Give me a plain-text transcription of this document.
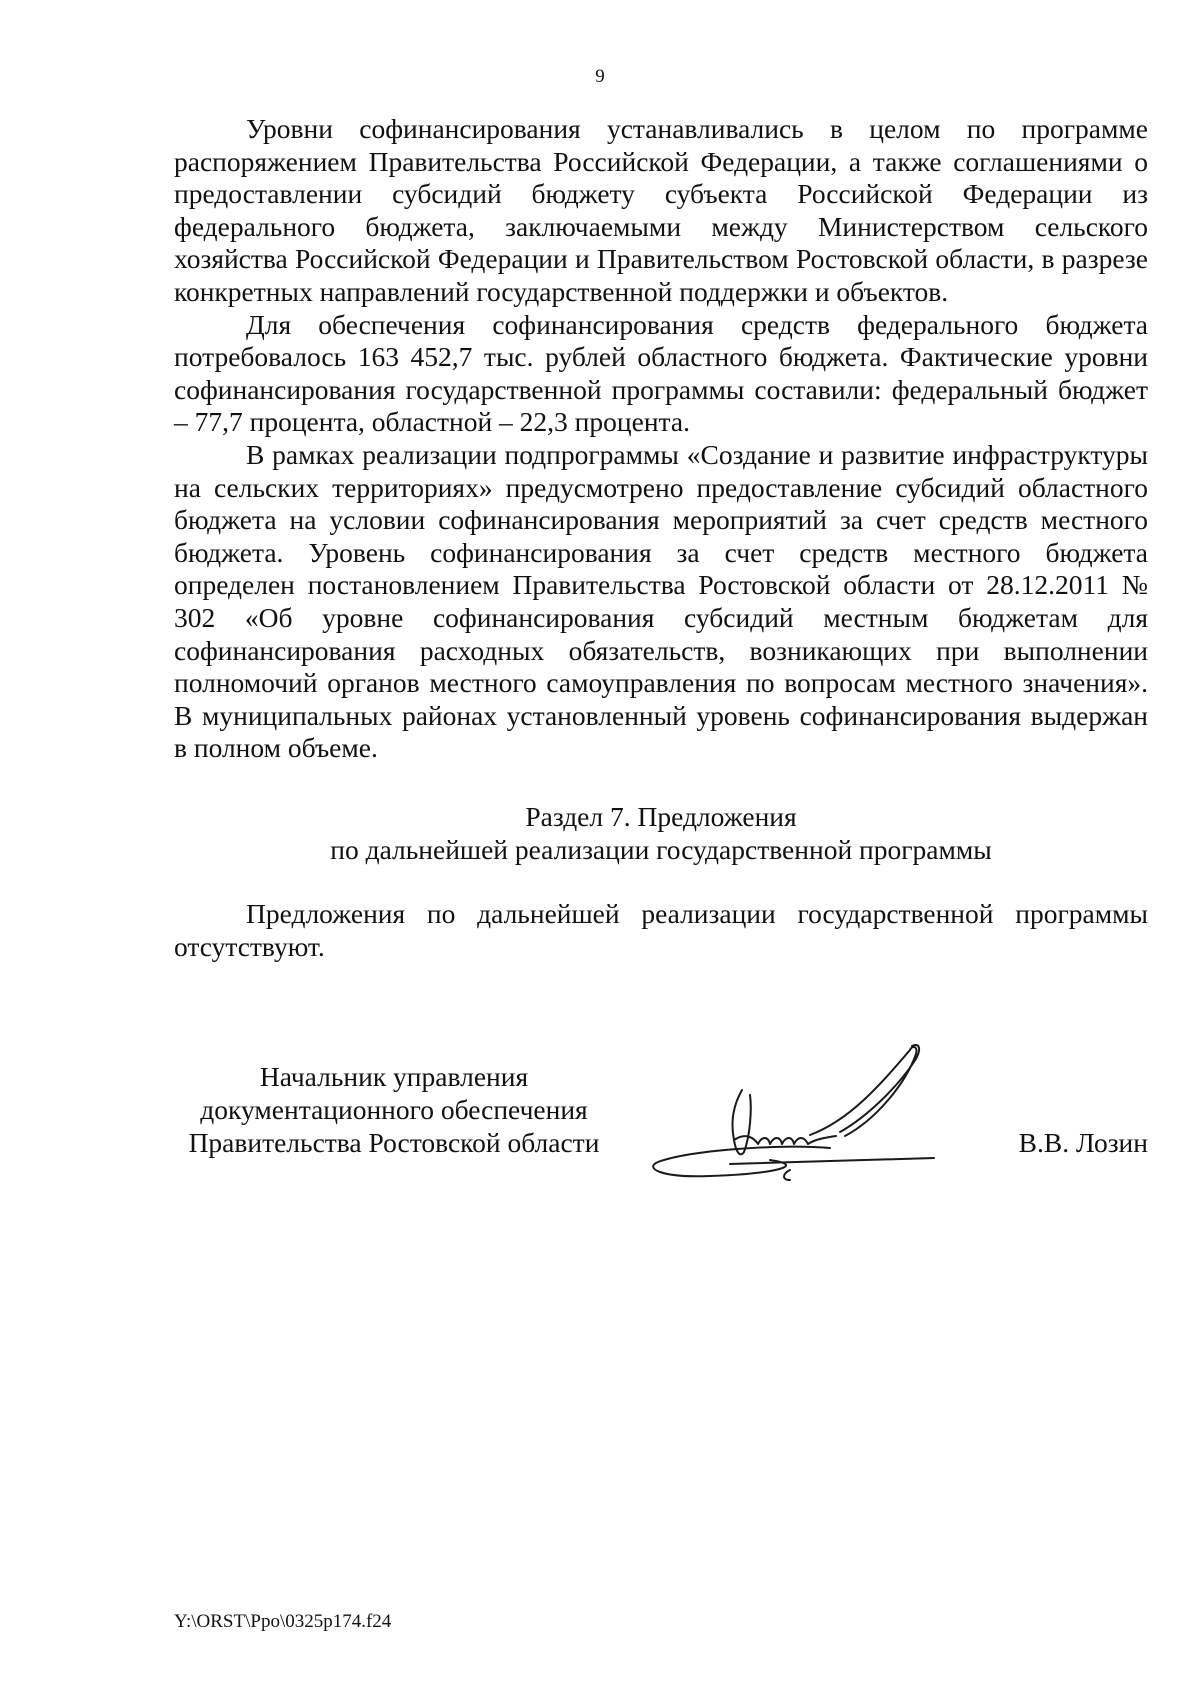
9

Уровни софинансирования устанавливались в целом по программе распоряжением Правительства Российской Федерации, а также соглашениями о предоставлении субсидий бюджету субъекта Российской Федерации из федерального бюджета, заключаемыми между Министерством сельского хозяйства Российской Федерации и Правительством Ростовской области, в разрезе конкретных направлений государственной поддержки и объектов.

Для обеспечения софинансирования средств федерального бюджета потребовалось 163 452,7 тыс. рублей областного бюджета. Фактические уровни софинансирования государственной программы составили: федеральный бюджет – 77,7 процента, областной – 22,3 процента.

В рамках реализации подпрограммы «Создание и развитие инфраструктуры на сельских территориях» предусмотрено предоставление субсидий областного бюджета на условии софинансирования мероприятий за счет средств местного бюджета. Уровень софинансирования за счет средств местного бюджета определен постановлением Правительства Ростовской области от 28.12.2011 № 302 «Об уровне софинансирования субсидий местным бюджетам для софинансирования расходных обязательств, возникающих при выполнении полномочий органов местного самоуправления по вопросам местного значения». В муниципальных районах установленный уровень софинансирования выдержан в полном объеме.

Раздел 7. Предложения
по дальнейшей реализации государственной программы

Предложения по дальнейшей реализации государственной программы отсутствуют.

Начальник управления
документационного обеспечения
Правительства Ростовской области	В.В. Лозин
Y:\ORST\Ppo\0325p174.f24
